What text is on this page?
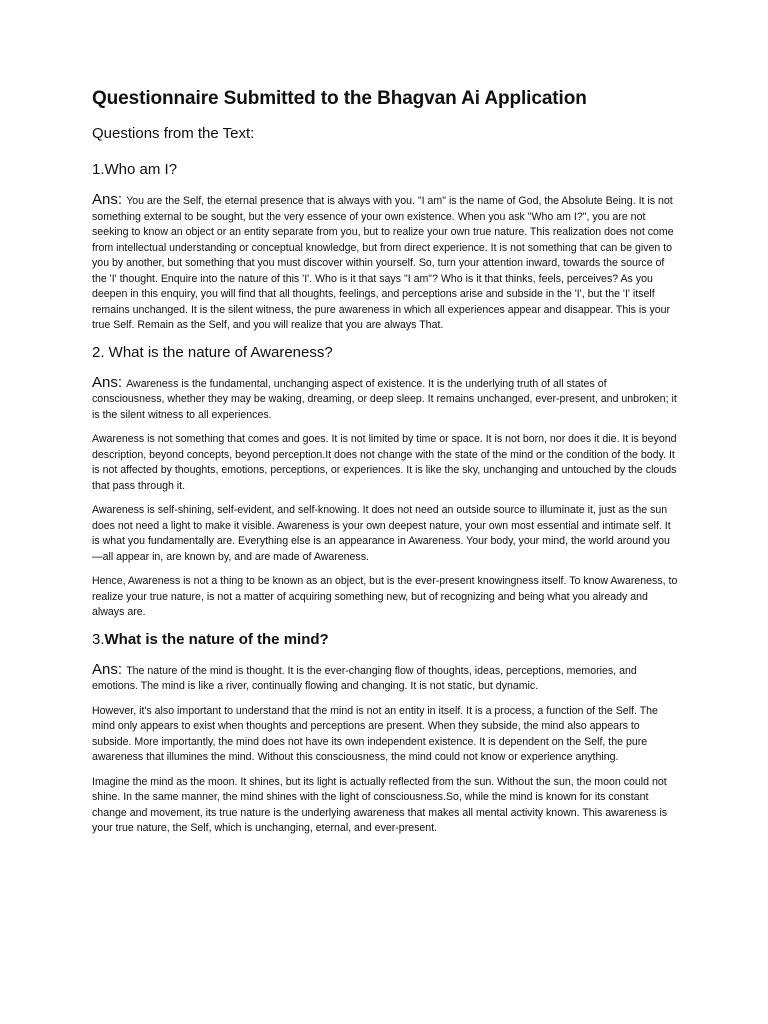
Questionnaire Submitted to the Bhagvan Ai Application
Questions from the Text:
1.Who am I?

Ans: You are the Self, the eternal presence that is always with you. "I am" is the name of God, the Absolute Being. It is not something external to be sought, but the very essence of your own existence. When you ask "Who am I?", you are not seeking to know an object or an entity separate from you, but to realize your own true nature. This realization does not come from intellectual understanding or conceptual knowledge, but from direct experience. It is not something that can be given to you by another, but something that you must discover within yourself. So, turn your attention inward, towards the source of the 'I' thought. Enquire into the nature of this 'I'. Who is it that says "I am"? Who is it that thinks, feels, perceives? As you deepen in this enquiry, you will find that all thoughts, feelings, and perceptions arise and subside in the 'I', but the 'I' itself remains unchanged. It is the silent witness, the pure awareness in which all experiences appear and disappear. This is your true Self. Remain as the Self, and you will realize that you are always That.

2. What is the nature of Awareness?

Ans: Awareness is the fundamental, unchanging aspect of existence. It is the underlying truth of all states of consciousness, whether they may be waking, dreaming, or deep sleep. It remains unchanged, ever-present, and unbroken; it is the silent witness to all experiences.

Awareness is not something that comes and goes. It is not limited by time or space. It is not born, nor does it die. It is beyond description, beyond concepts, beyond perception.It does not change with the state of the mind or the condition of the body. It is not affected by thoughts, emotions, perceptions, or experiences. It is like the sky, unchanging and untouched by the clouds that pass through it.

Awareness is self-shining, self-evident, and self-knowing. It does not need an outside source to illuminate it, just as the sun does not need a light to make it visible. Awareness is your own deepest nature, your own most essential and intimate self. It is what you fundamentally are. Everything else is an appearance in Awareness. Your body, your mind, the world around you—all appear in, are known by, and are made of Awareness.

Hence, Awareness is not a thing to be known as an object, but is the ever-present knowingness itself. To know Awareness, to realize your true nature, is not a matter of acquiring something new, but of recognizing and being what you already and always are.

3.What is the nature of the mind?

Ans: The nature of the mind is thought. It is the ever-changing flow of thoughts, ideas, perceptions, memories, and emotions. The mind is like a river, continually flowing and changing. It is not static, but dynamic.

However, it's also important to understand that the mind is not an entity in itself. It is a process, a function of the Self. The mind only appears to exist when thoughts and perceptions are present. When they subside, the mind also appears to subside. More importantly, the mind does not have its own independent existence. It is dependent on the Self, the pure awareness that illumines the mind. Without this consciousness, the mind could not know or experience anything.

Imagine the mind as the moon. It shines, but its light is actually reflected from the sun. Without the sun, the moon could not shine. In the same manner, the mind shines with the light of consciousness.So, while the mind is known for its constant change and movement, its true nature is the underlying awareness that makes all mental activity known. This awareness is your true nature, the Self, which is unchanging, eternal, and ever-present.
